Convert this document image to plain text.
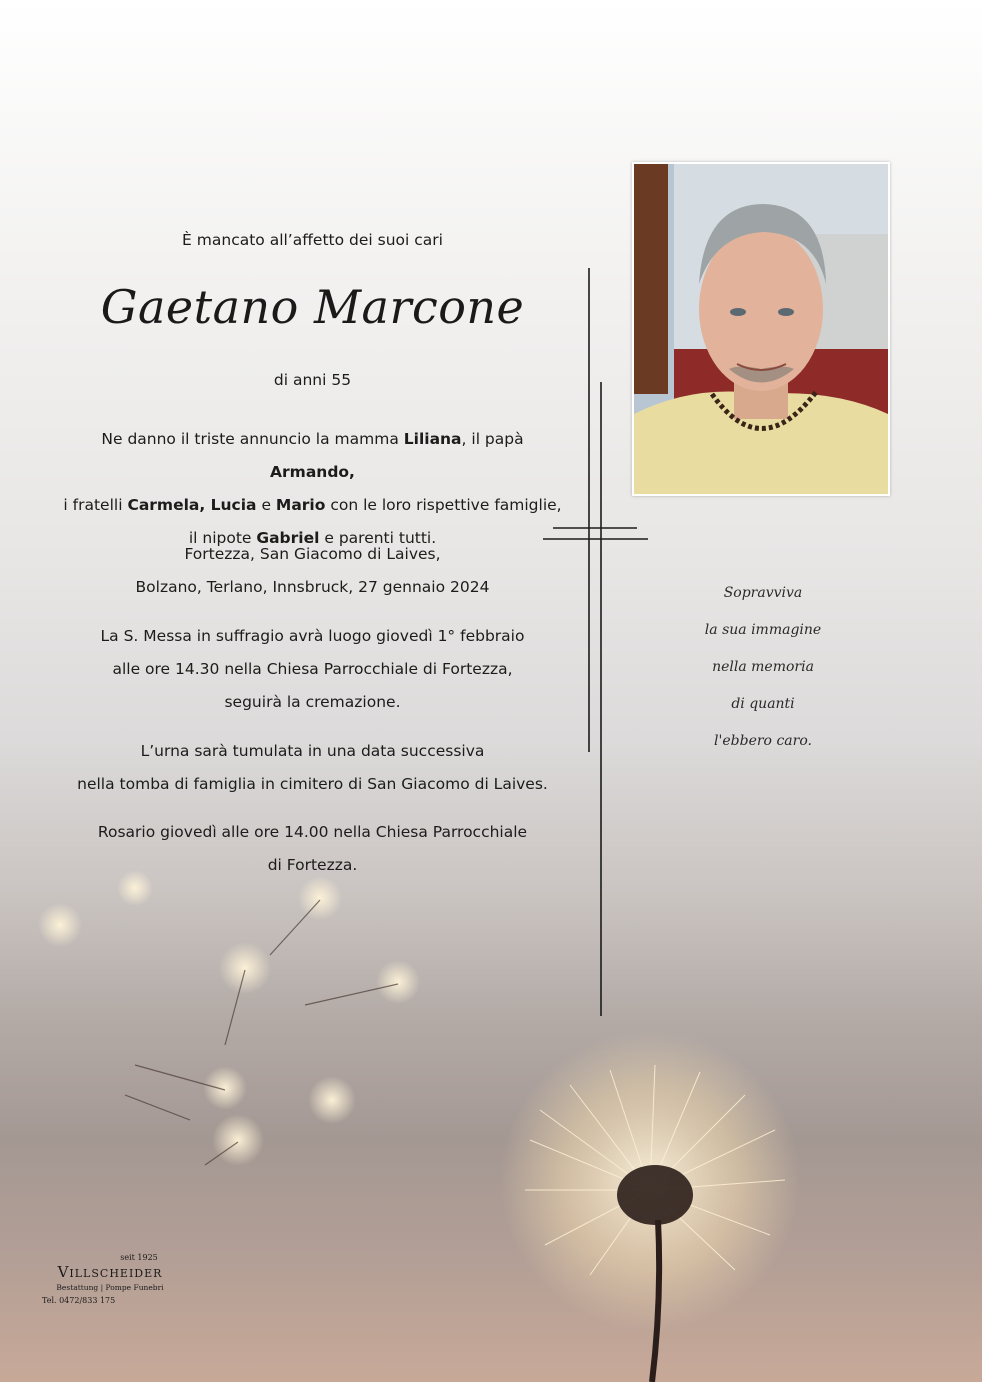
È mancato all’affetto dei suoi cari
Gaetano Marcone
di anni 55
Ne danno il triste annuncio la mamma Liliana, il papà Armando,
i fratelli Carmela, Lucia e Mario con le loro rispettive famiglie,
il nipote Gabriel e parenti tutti.
Fortezza, San Giacomo di Laives,
Bolzano, Terlano, Innsbruck, 27 gennaio 2024
La S. Messa in suffragio avrà luogo giovedì 1° febbraio
alle ore 14.30 nella Chiesa Parrocchiale di Fortezza,
seguirà la cremazione.
L’urna sarà tumulata in una data successiva
nella tomba di famiglia in cimitero di San Giacomo di Laives.
Rosario giovedì alle ore 14.00 nella Chiesa Parrocchiale
di Fortezza.
Sopravviva
la sua immagine
nella memoria
di quanti
l'ebbero caro.
seit 1925
Villscheider
Bestattung | Pompe Funebri
Tel. 0472/833 175
